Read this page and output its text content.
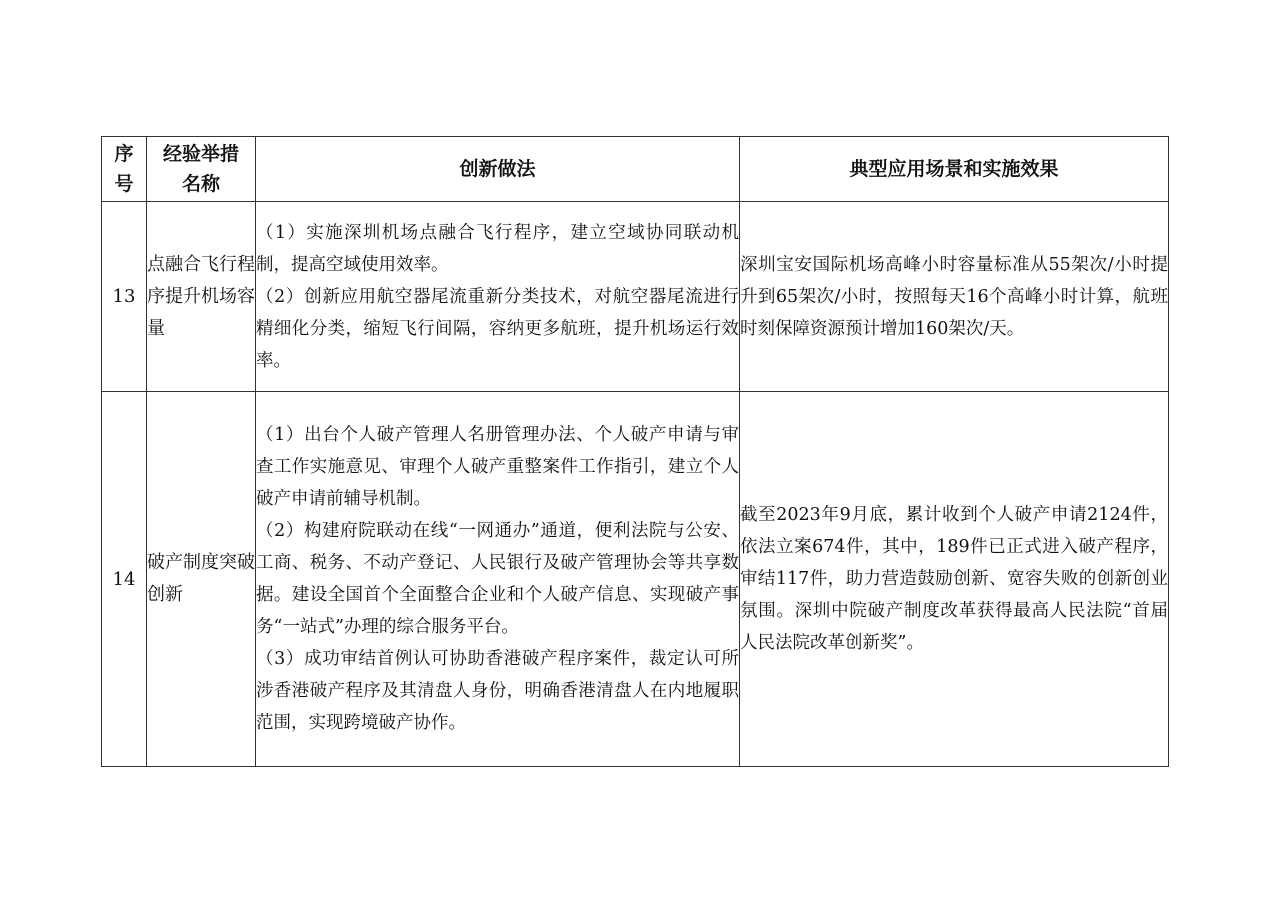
序
号	经验举措
名称	创新做法	典型应用场景和实施效果
13	点融合飞行程序提升机场容量	（1）实施深圳机场点融合飞行程序，建立空域协同联动机制，提高空域使用效率。
（2）创新应用航空器尾流重新分类技术，对航空器尾流进行精细化分类，缩短飞行间隔，容纳更多航班，提升机场运行效率。	深圳宝安国际机场高峰小时容量标准从55架次/小时提升到65架次/小时，按照每天16个高峰小时计算，航班时刻保障资源预计增加160架次/天。
14	破产制度突破创新	（1）出台个人破产管理人名册管理办法、个人破产申请与审查工作实施意见、审理个人破产重整案件工作指引，建立个人破产申请前辅导机制。
（2）构建府院联动在线“一网通办”通道，便利法院与公安、工商、税务、不动产登记、人民银行及破产管理协会等共享数据。建设全国首个全面整合企业和个人破产信息、实现破产事务“一站式”办理的综合服务平台。
（3）成功审结首例认可协助香港破产程序案件，裁定认可所涉香港破产程序及其清盘人身份，明确香港清盘人在内地履职范围，实现跨境破产协作。	截至2023年9月底，累计收到个人破产申请2124件，依法立案674件，其中，189件已正式进入破产程序，审结117件，助力营造鼓励创新、宽容失败的创新创业氛围。深圳中院破产制度改革获得最高人民法院“首届人民法院改革创新奖”。
